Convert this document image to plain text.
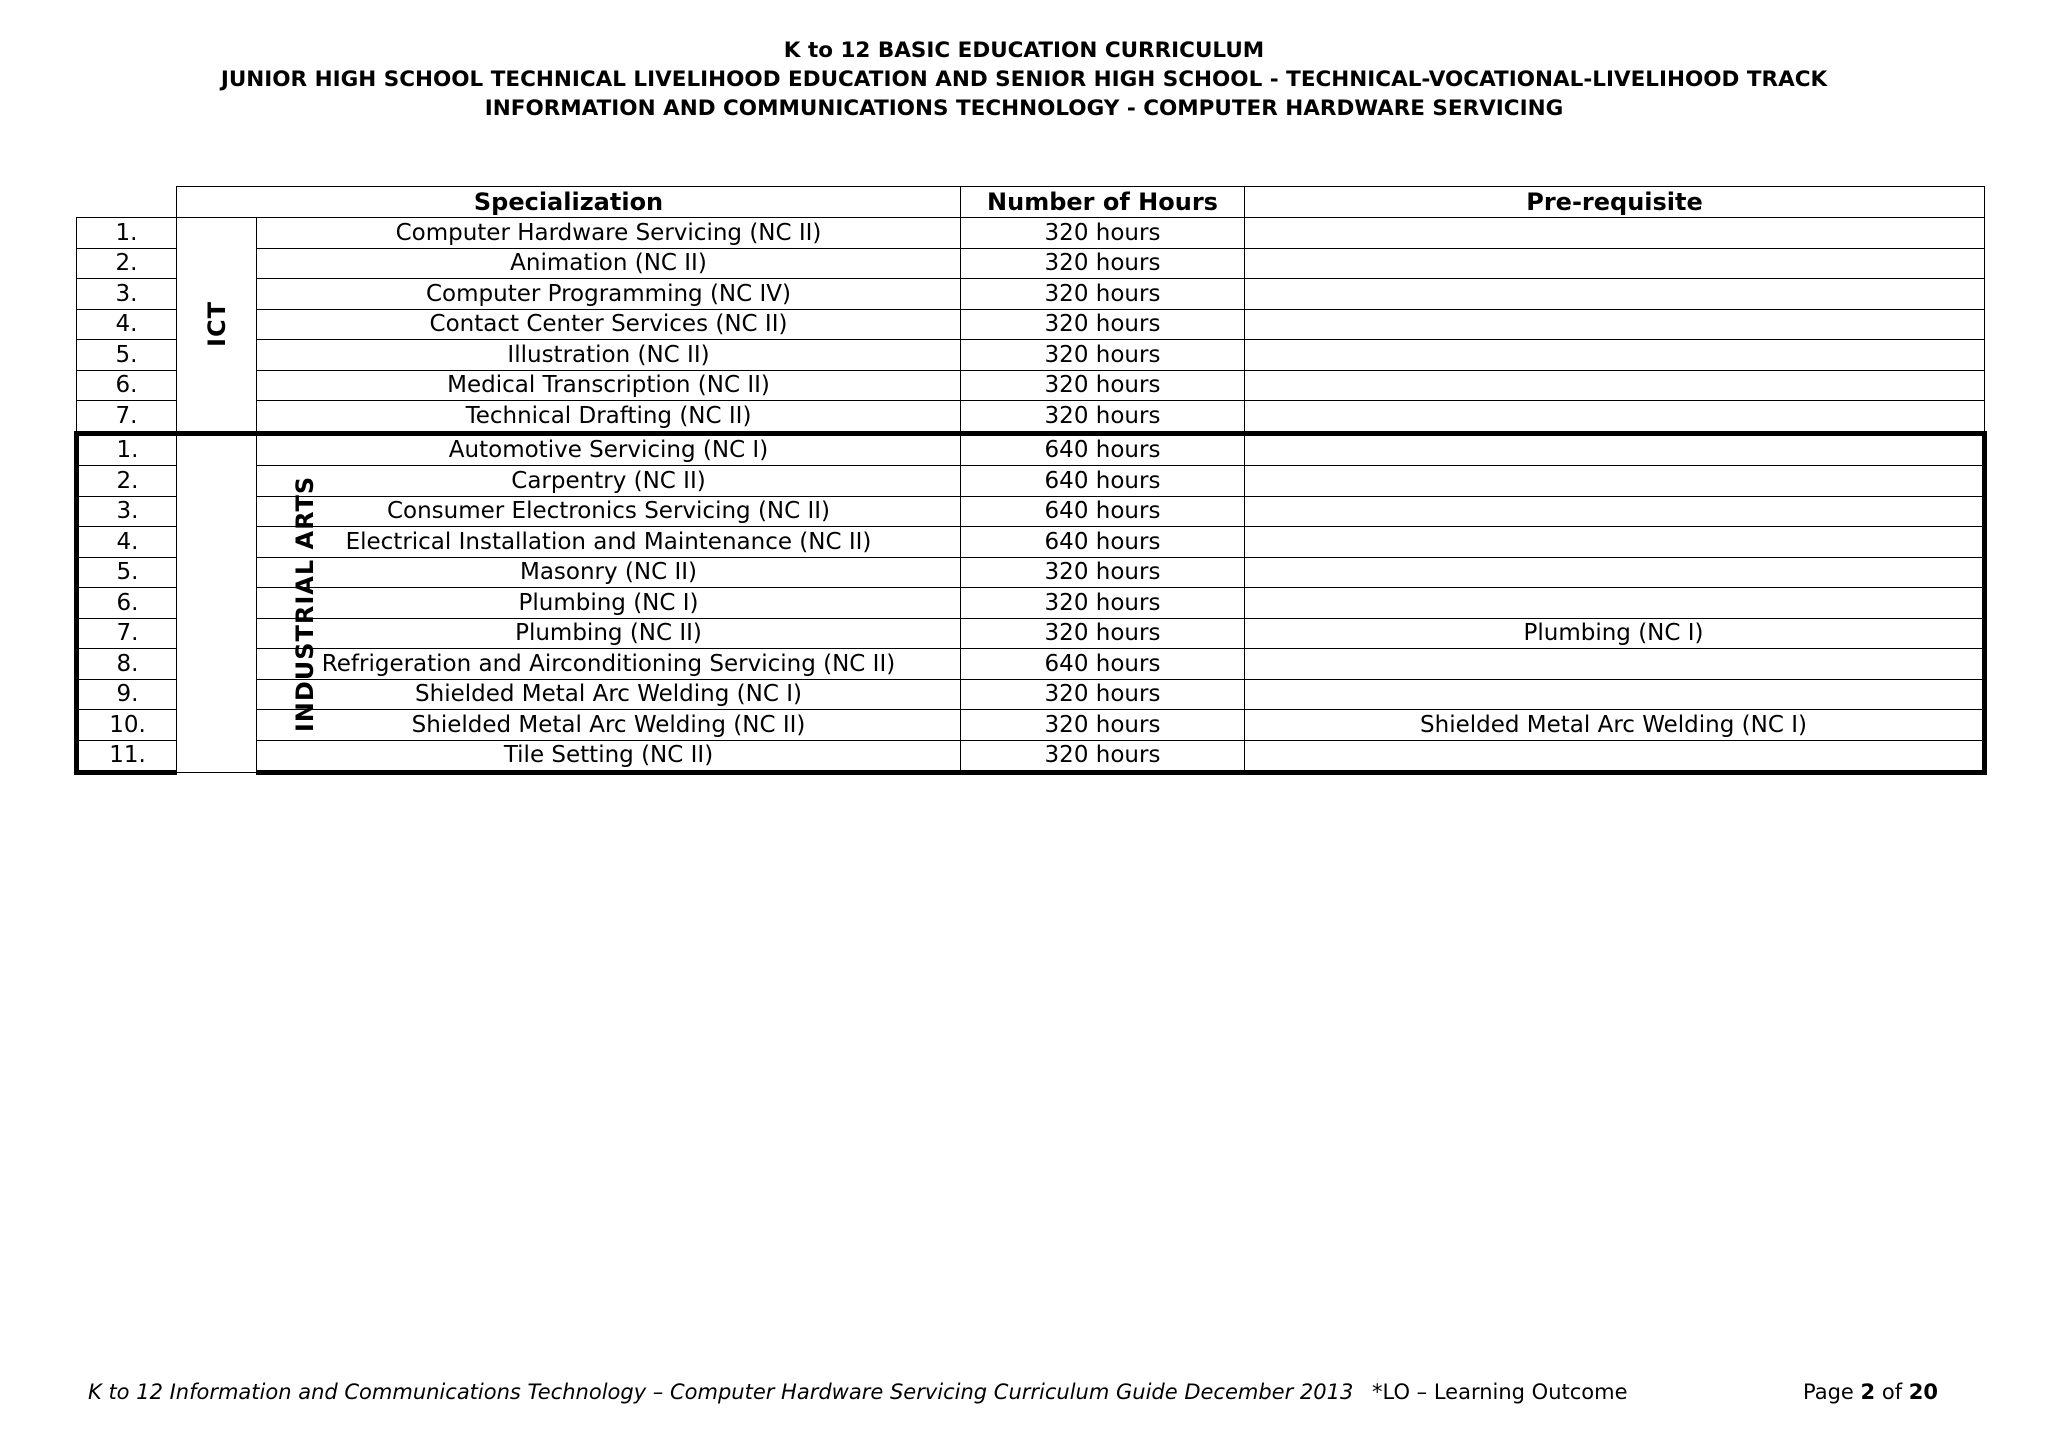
K to 12 BASIC EDUCATION CURRICULUM
JUNIOR HIGH SCHOOL TECHNICAL LIVELIHOOD EDUCATION AND SENIOR HIGH SCHOOL - TECHNICAL-VOCATIONAL-LIVELIHOOD TRACK
INFORMATION AND COMMUNICATIONS TECHNOLOGY - COMPUTER HARDWARE SERVICING
	Specialization		Number of Hours	Pre-requisite
1.	ICT	Computer Hardware Servicing (NC II)	320 hours	
2.		Animation (NC II)	320 hours	
3.		Computer Programming (NC IV)	320 hours	
4.		Contact Center Services (NC II)	320 hours	
5.		Illustration (NC II)	320 hours	
6.		Medical Transcription (NC II)	320 hours	
7.		Technical Drafting (NC II)	320 hours	
1.	INDUSTRIAL ARTS	Automotive Servicing (NC I)	640 hours	
2.		Carpentry (NC II)	640 hours	
3.		Consumer Electronics Servicing (NC II)	640 hours	
4.		Electrical Installation and Maintenance (NC II)	640 hours	
5.		Masonry (NC II)	320 hours	
6.		Plumbing (NC I)	320 hours	
7.		Plumbing (NC II)	320 hours	Plumbing (NC I)
8.		Refrigeration and Airconditioning Servicing (NC II)	640 hours	
9.		Shielded Metal Arc Welding (NC I)	320 hours	
10.		Shielded Metal Arc Welding (NC II)	320 hours	Shielded Metal Arc Welding (NC I)
11.		Tile Setting (NC II)	320 hours	
K to 12 Information and Communications Technology – Computer Hardware Servicing Curriculum Guide December 2013 *LO – Learning Outcome	Page 2 of 20
